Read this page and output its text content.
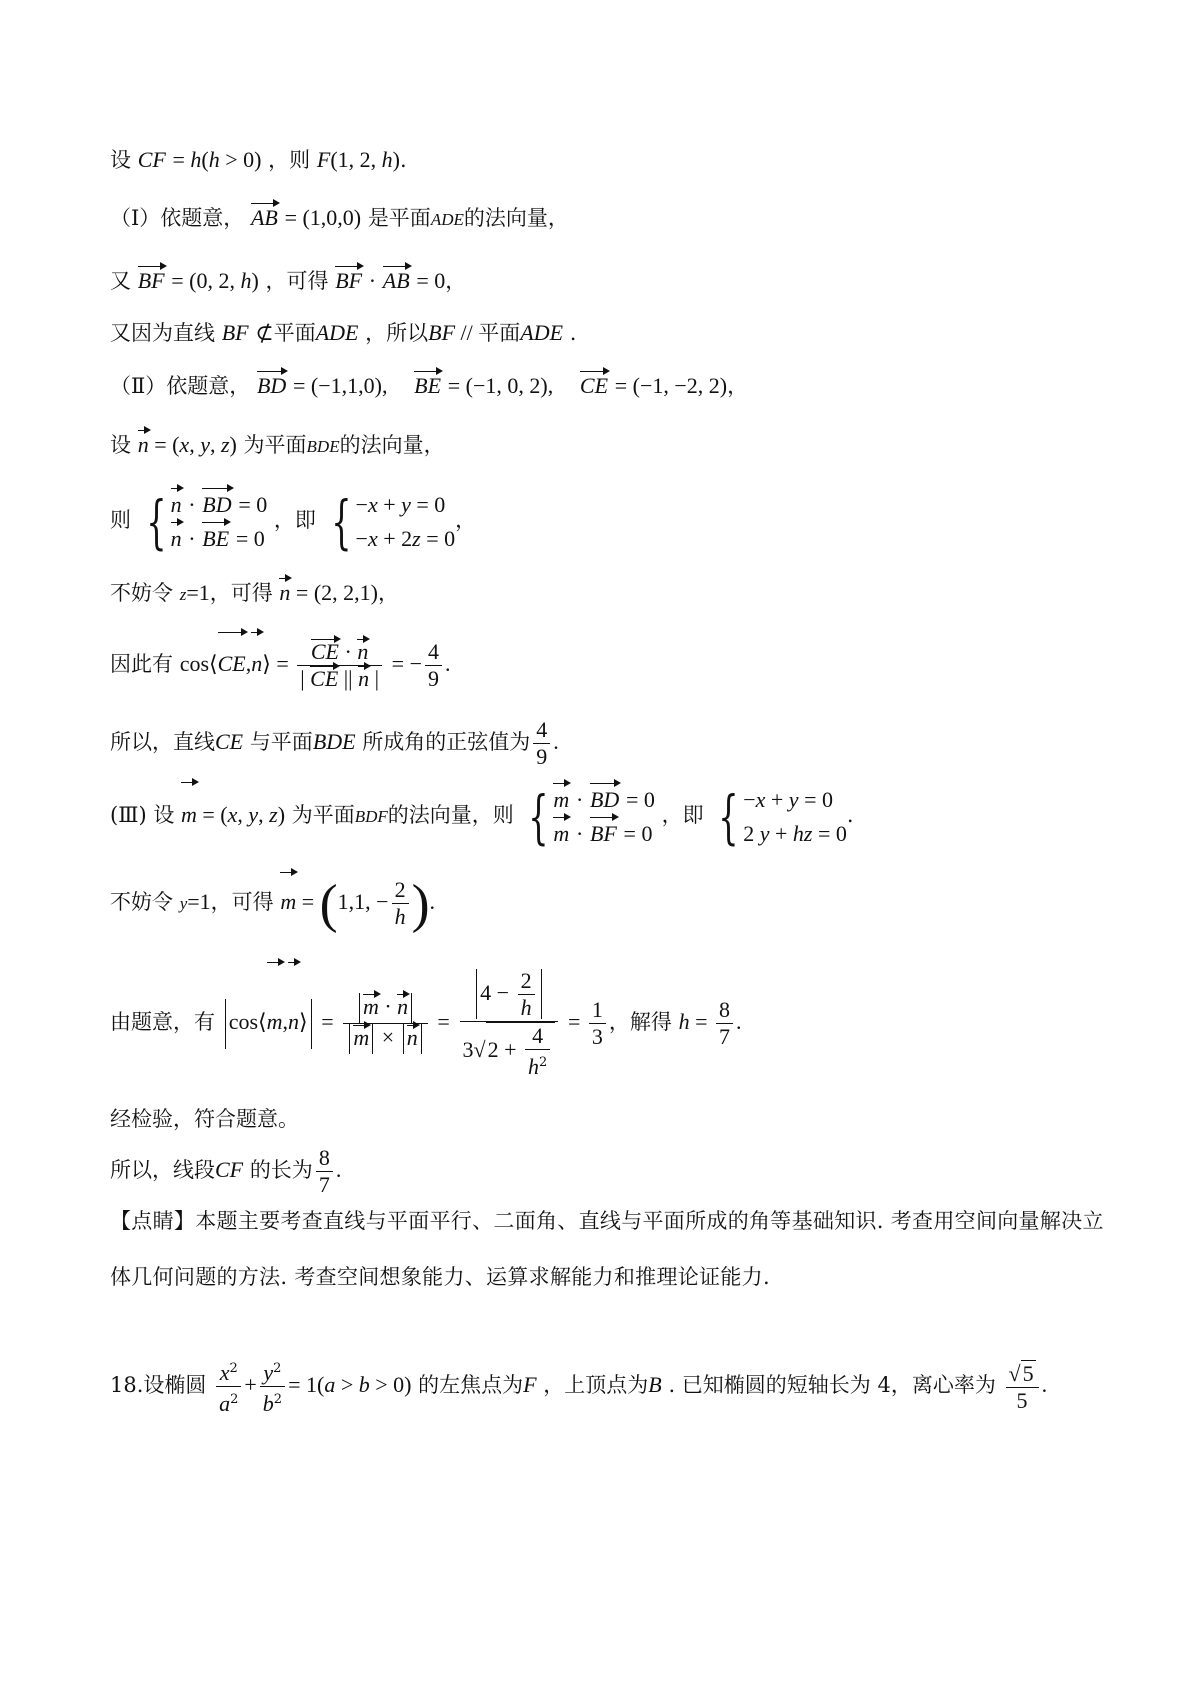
设 CF = h(h > 0) ，则 F(1, 2, h).
（Ⅰ）依题意， AB = (1,0,0) 是平面ADE的法向量，
又 BF = (0, 2, h) ，可得 BF · AB = 0，
又因为直线 BF ⊄平面ADE ，所以BF // 平面ADE .
（Ⅱ）依题意， BD = (−1,1,0), BE = (−1, 0, 2), CE = (−1, −2, 2)，
设 n = (x, y, z) 为平面BDE的法向量，
则 { n · BD = 0
n · BE = 0
，即 { −x + y = 0
−x + 2z = 0
，
不妨令 z=1，可得 n = (2, 2,1)，
因此有 cos⟨CE,n⟩ = $\frac{CE \cdot n}{| CE || n |}$ = − $\frac{4}{9}$ .
所以，直线CE 与平面BDE 所成角的正弦值为 $\frac{4}{9}$ .
(Ⅲ) 设 m = (x, y, z) 为平面BDF的法向量，则 { m · BD = 0
m · BF = 0
，即 { −x + y = 0
2 y + hz = 0
.
不妨令 y=1，可得 m = (1,1, − $\frac{2}{h}$ ).
由题意，有 cos⟨m,n⟩ = $\frac{m \cdot n}{m \times n} = \frac{4 - \frac{2}{h}}{3√2 + \frac{4}{h^2}} = \frac{1}{3}$ ，解得 $h = \frac{8}{7}$ .
经检验，符合题意。
所以，线段CF 的长为 $\frac{8}{7}$ .
【点睛】本题主要考查直线与平面平行、二面角、直线与平面所成的角等基础知识. 考查用空间向量解决立
体几何问题的方法. 考查空间想象能力、运算求解能力和推理论证能力.
18.设椭圆 $\frac{x^2}{a^2} + \frac{y^2}{b^2} = 1(a > b > 0)$ 的左焦点为F ，上顶点为B . 已知椭圆的短轴长为 4，离心率为 $\frac{√5}{5}$ .
